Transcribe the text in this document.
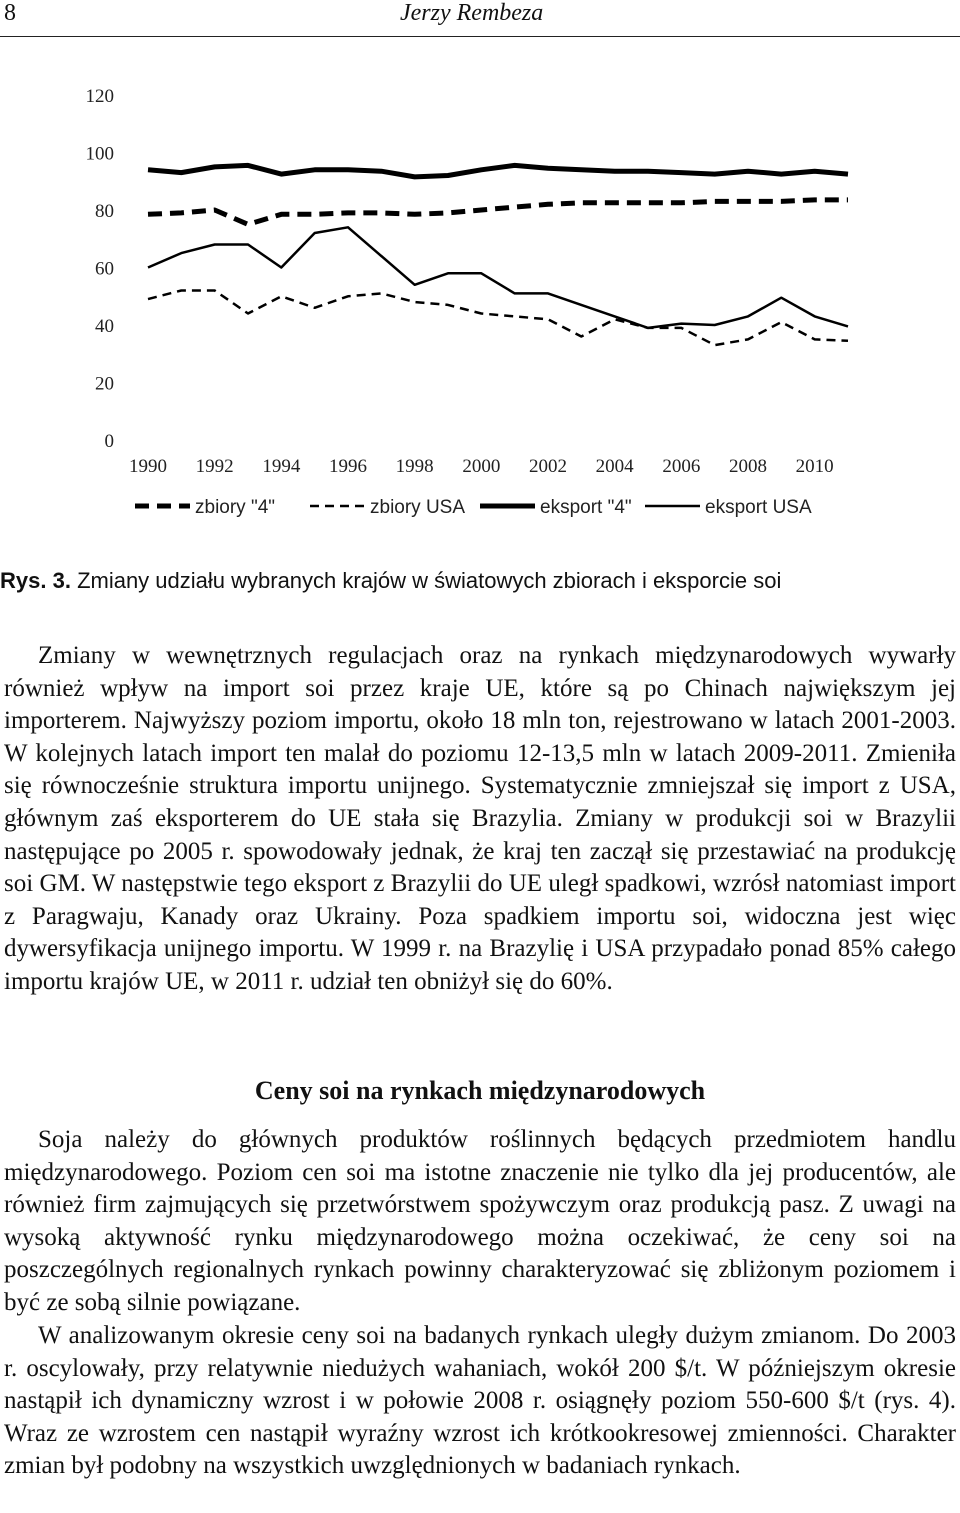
8	Jerzy Rembeza
0
20
40
60
80
100
120
1990 1992 1994 1996 1998 2000 2002 2004 2006 2008 2010
zbiory "4"	zbiory USA	eksport "4"	eksport USA
Rys. 3. Zmiany udziału wybranych krajów w światowych zbiorach i eksporcie soi

Zmiany w wewnętrznych regulacjach oraz na rynkach międzynarodowych wywarły również wpływ na import soi przez kraje UE, które są po Chinach największym jej importerem. Najwyższy poziom importu, około 18 mln ton, rejestrowano w latach 2001-2003. W kolejnych latach import ten malał do poziomu 12-13,5 mln w latach 2009-2011. Zmieniła się równocześnie struktura importu unijnego. Systematycznie zmniejszał się import z USA, głównym zaś eksporterem do UE stała się Brazylia. Zmiany w produkcji soi w Brazylii następujące po 2005 r. spowodowały jednak, że kraj ten zaczął się przestawiać na produkcję soi GM. W następstwie tego eksport z Brazylii do UE uległ spadkowi, wzrósł natomiast import z Paragwaju, Kanady oraz Ukrainy. Poza spadkiem importu soi, widoczna jest więc dywersyfikacja unijnego importu. W 1999 r. na Brazylię i USA przypadało ponad 85% całego importu krajów UE, w 2011 r. udział ten obniżył się do 60%.

Ceny soi na rynkach międzynarodowych

Soja należy do głównych produktów roślinnych będących przedmiotem handlu międzynarodowego. Poziom cen soi ma istotne znaczenie nie tylko dla jej producentów, ale również firm zajmujących się przetwórstwem spożywczym oraz produkcją pasz. Z uwagi na wysoką aktywność rynku międzynarodowego można oczekiwać, że ceny soi na poszczególnych regionalnych rynkach powinny charakteryzować się zbliżonym poziomem i być ze sobą silnie powiązane.

W analizowanym okresie ceny soi na badanych rynkach uległy dużym zmianom. Do 2003 r. oscylowały, przy relatywnie niedużych wahaniach, wokół 200 $/t. W późniejszym okresie nastąpił ich dynamiczny wzrost i w połowie 2008 r. osiągnęły poziom 550-600 $/t (rys. 4). Wraz ze wzrostem cen nastąpił wyraźny wzrost ich krótkookresowej zmienności. Charakter zmian był podobny na wszystkich uwzględnionych w badaniach rynkach.
